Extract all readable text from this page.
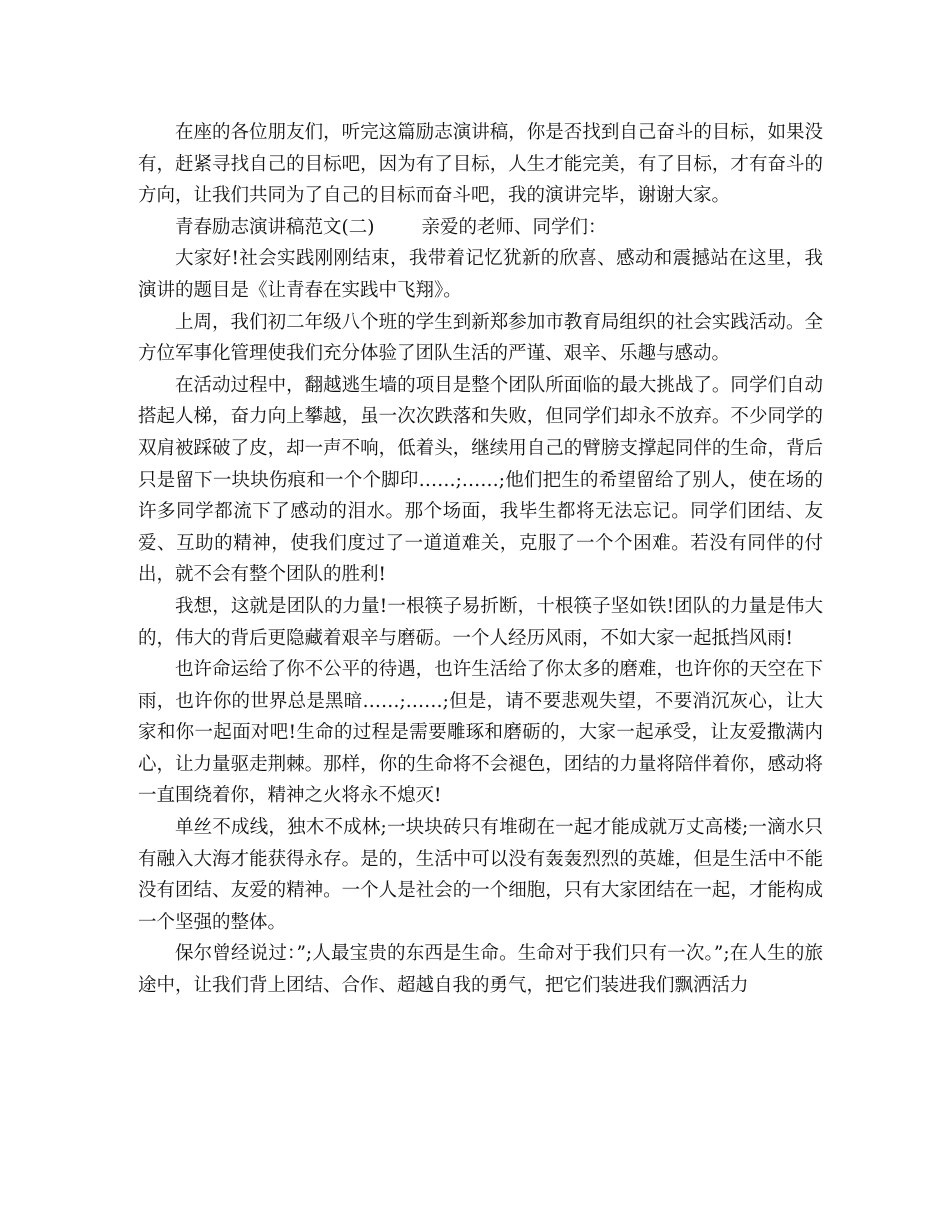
在座的各位朋友们，听完这篇励志演讲稿，你是否找到自己奋斗的目标，如果没有，赶紧寻找自己的目标吧，因为有了目标，人生才能完美，有了目标，才有奋斗的方向，让我们共同为了自己的目标而奋斗吧，我的演讲完毕，谢谢大家。

青春励志演讲稿范文(二)	亲爱的老师、同学们：

大家好!社会实践刚刚结束，我带着记忆犹新的欣喜、感动和震撼站在这里，我演讲的题目是《让青春在实践中飞翔》。

上周，我们初二年级八个班的学生到新郑参加市教育局组织的社会实践活动。全方位军事化管理使我们充分体验了团队生活的严谨、艰辛、乐趣与感动。

在活动过程中，翻越逃生墙的项目是整个团队所面临的最大挑战了。同学们自动搭起人梯，奋力向上攀越，虽一次次跌落和失败，但同学们却永不放弃。不少同学的双肩被踩破了皮，却一声不响，低着头，继续用自己的臂膀支撑起同伴的生命，背后只是留下一块块伤痕和一个个脚印……;……;他们把生的希望留给了别人，使在场的许多同学都流下了感动的泪水。那个场面，我毕生都将无法忘记。同学们团结、友爱、互助的精神，使我们度过了一道道难关，克服了一个个困难。若没有同伴的付出，就不会有整个团队的胜利!

我想，这就是团队的力量!一根筷子易折断，十根筷子坚如铁!团队的力量是伟大的，伟大的背后更隐藏着艰辛与磨砺。一个人经历风雨，不如大家一起抵挡风雨!

也许命运给了你不公平的待遇，也许生活给了你太多的磨难，也许你的天空在下雨，也许你的世界总是黑暗……;……;但是，请不要悲观失望，不要消沉灰心，让大家和你一起面对吧!生命的过程是需要雕琢和磨砺的，大家一起承受，让友爱撒满内心，让力量驱走荆棘。那样，你的生命将不会褪色，团结的力量将陪伴着你，感动将一直围绕着你，精神之火将永不熄灭!

单丝不成线，独木不成林;一块块砖只有堆砌在一起才能成就万丈高楼;一滴水只有融入大海才能获得永存。是的，生活中可以没有轰轰烈烈的英雄，但是生活中不能没有团结、友爱的精神。一个人是社会的一个细胞，只有大家团结在一起，才能构成一个坚强的整体。

保尔曾经说过：”;人最宝贵的东西是生命。生命对于我们只有一次。”;在人生的旅途中，让我们背上团结、合作、超越自我的勇气，把它们装进我们飘洒活力
